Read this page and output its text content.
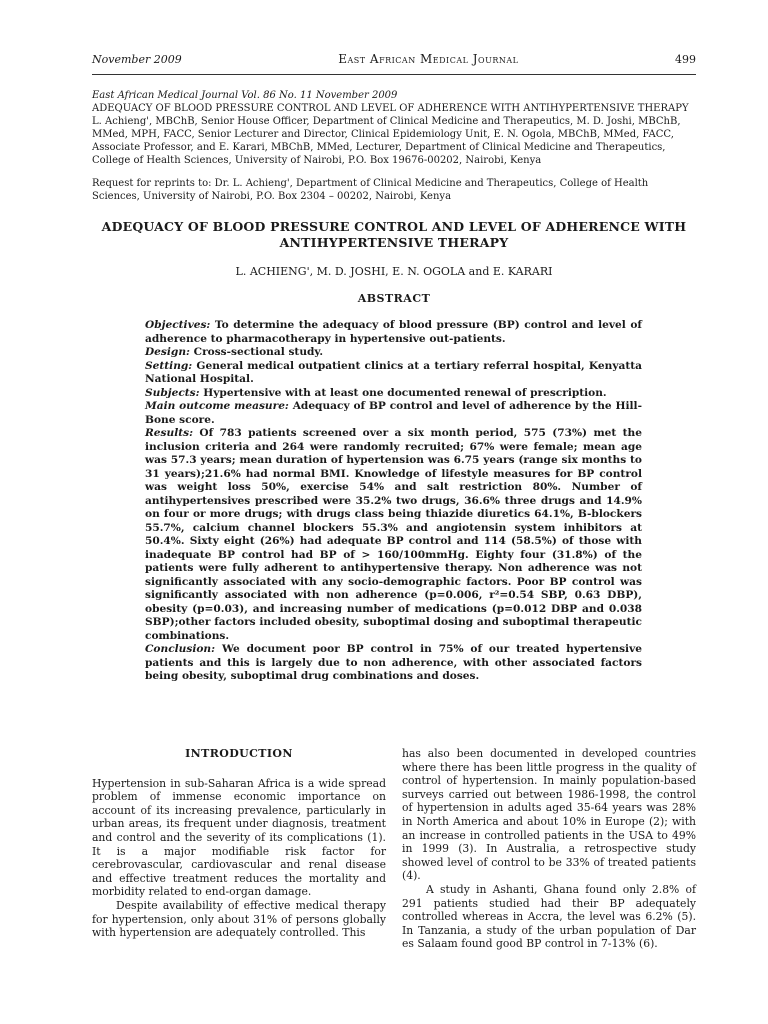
November 2009	East African Medical Journal	499
East African Medical Journal Vol. 86 No. 11 November 2009
ADEQUACY OF BLOOD PRESSURE CONTROL AND LEVEL OF ADHERENCE WITH ANTIHYPERTENSIVE THERAPY
L. Achieng', MBChB, Senior House Officer, Department of Clinical Medicine and Therapeutics, M. D. Joshi, MBChB, MMed, MPH, FACC, Senior Lecturer and Director, Clinical Epidemiology Unit, E. N. Ogola, MBChB, MMed, FACC, Associate Professor, and E. Karari, MBChB, MMed, Lecturer, Department of Clinical Medicine and Therapeutics, College of Health Sciences, University of Nairobi, P.O. Box 19676-00202, Nairobi, Kenya
Request for reprints to: Dr. L. Achieng', Department of Clinical Medicine and Therapeutics, College of Health Sciences, University of Nairobi, P.O. Box 2304 – 00202, Nairobi, Kenya
ADEQUACY OF BLOOD PRESSURE CONTROL AND LEVEL OF ADHERENCE WITH ANTIHYPERTENSIVE THERAPY
L. ACHIENG', M. D. JOSHI, E. N. OGOLA and E. KARARI
ABSTRACT

Objectives: To determine the adequacy of blood pressure (BP) control and level of adherence to pharmacotherapy in hypertensive out-patients.

Design: Cross-sectional study.

Setting: General medical outpatient clinics at a tertiary referral hospital, Kenyatta National Hospital.

Subjects: Hypertensive with at least one documented renewal of prescription.

Main outcome measure: Adequacy of BP control and level of adherence by the Hill-Bone score.

Results: Of 783 patients screened over a six month period, 575 (73%) met the inclusion criteria and 264 were randomly recruited; 67% were female; mean age was 57.3 years; mean duration of hypertension was 6.75 years (range six months to 31 years);21.6% had normal BMI. Knowledge of lifestyle measures for BP control was weight loss 50%, exercise 54% and salt restriction 80%. Number of antihypertensives prescribed were 35.2% two drugs, 36.6% three drugs and 14.9% on four or more drugs; with drugs class being thiazide diuretics 64.1%, B-blockers 55.7%, calcium channel blockers 55.3% and angiotensin system inhibitors at 50.4%. Sixty eight (26%) had adequate BP control and 114 (58.5%) of those with inadequate BP control had BP of > 160/100mmHg. Eighty four (31.8%) of the patients were fully adherent to antihypertensive therapy. Non adherence was not significantly associated with any socio-demographic factors. Poor BP control was significantly associated with non adherence (p=0.006, r²=0.54 SBP, 0.63 DBP), obesity (p=0.03), and increasing number of medications (p=0.012 DBP and 0.038 SBP);other factors included obesity, suboptimal dosing and suboptimal therapeutic combinations.

Conclusion: We document poor BP control in 75% of our treated hypertensive patients and this is largely due to non adherence, with other associated factors being obesity, suboptimal drug combinations and doses.

INTRODUCTION

Hypertension in sub-Saharan Africa is a wide spread problem of immense economic importance on account of its increasing prevalence, particularly in urban areas, its frequent under diagnosis, treatment and control and the severity of its complications (1). It is a major modifiable risk factor for cerebrovascular, cardiovascular and renal disease and effective treatment reduces the mortality and morbidity related to end-organ damage.

Despite availability of effective medical therapy for hypertension, only about 31% of persons globally with hypertension are adequately controlled. This

has also been documented in developed countries where there has been little progress in the quality of control of hypertension. In mainly population-based surveys carried out between 1986-1998, the control of hypertension in adults aged 35-64 years was 28% in North America and about 10% in Europe (2); with an increase in controlled patients in the USA to 49% in 1999 (3). In Australia, a retrospective study showed level of control to be 33% of treated patients (4).

A study in Ashanti, Ghana found only 2.8% of 291 patients studied had their BP adequately controlled whereas in Accra, the level was 6.2% (5). In Tanzania, a study of the urban population of Dar es Salaam found good BP control in 7-13% (6).
